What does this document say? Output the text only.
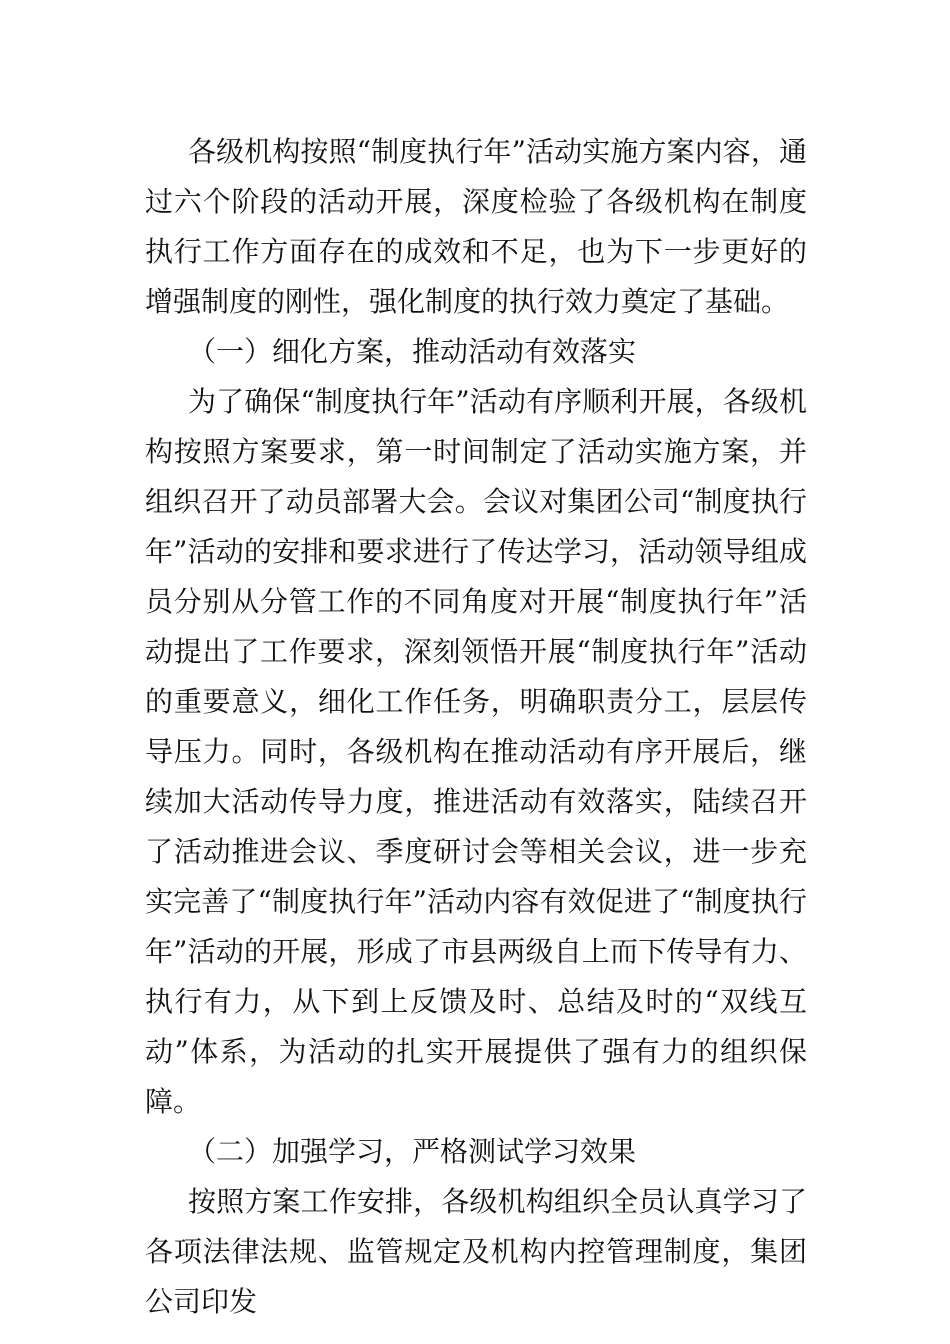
各级机构按照“制度执行年”活动实施方案内容，通过六个阶段的活动开展，深度检验了各级机构在制度执行工作方面存在的成效和不足，也为下一步更好的增强制度的刚性，强化制度的执行效力奠定了基础。

（一）细化方案，推动活动有效落实

为了确保“制度执行年”活动有序顺利开展，各级机构按照方案要求，第一时间制定了活动实施方案，并组织召开了动员部署大会。会议对集团公司“制度执行年”活动的安排和要求进行了传达学习，活动领导组成员分别从分管工作的不同角度对开展“制度执行年”活动提出了工作要求，深刻领悟开展“制度执行年”活动的重要意义，细化工作任务，明确职责分工，层层传导压力。同时，各级机构在推动活动有序开展后，继续加大活动传导力度，推进活动有效落实，陆续召开了活动推进会议、季度研讨会等相关会议，进一步充实完善了“制度执行年”活动内容有效促进了“制度执行年”活动的开展，形成了市县两级自上而下传导有力、执行有力，从下到上反馈及时、总结及时的“双线互动”体系，为活动的扎实开展提供了强有力的组织保障。

（二）加强学习，严格测试学习效果

按照方案工作安排，各级机构组织全员认真学习了各项法律法规、监管规定及机构内控管理制度，集团公司印发
